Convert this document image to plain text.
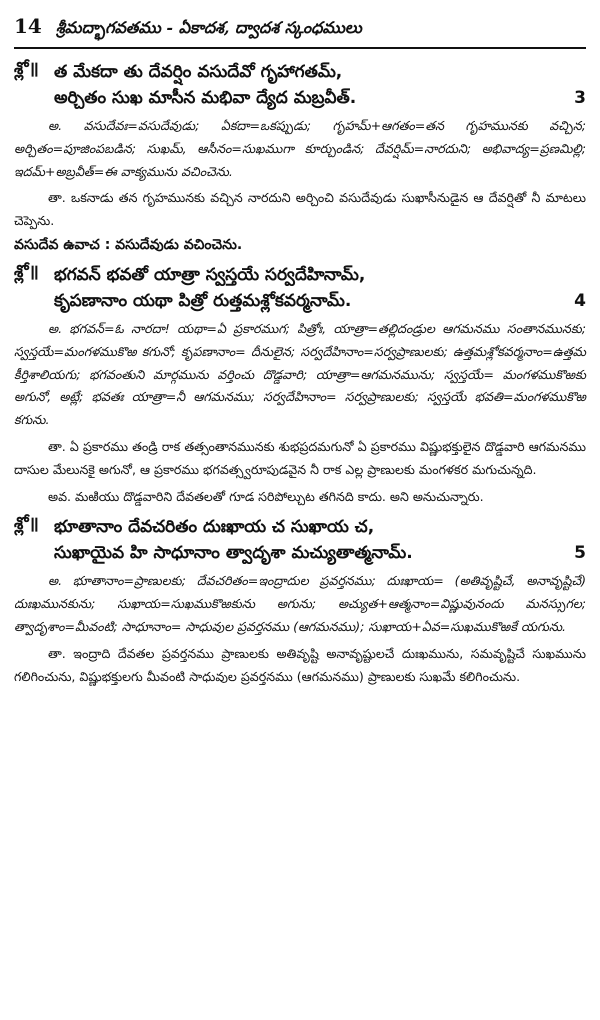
14 శ్రీమద్భాగవతము - ఏకాదశ, ద్వాదశ స్కంధములు
శ్లో॥ త మేకదా తు దేవర్షిం వసుదేవో గృహాగతమ్,
అర్చితం సుఖ మాసీన మభివా ద్యేద మబ్రవీత్.	3

అ. వసుదేవః=వసుదేవుడు; ఏకదా=ఒకప్పుడు; గృహమ్+ఆగతం=తన గృహమునకు వచ్చిన; అర్చితం=పూజింపబడిన; సుఖమ్, ఆసీనం=సుఖముగా కూర్చుండిన; దేవర్షిమ్=నారదుని; అభివాద్య=ప్రణమిల్లి; ఇదమ్+అబ్రవీత్=ఈ వాక్యమును వచించెను.

తా. ఒకనాడు తన గృహమునకు వచ్చిన నారదుని అర్చించి వసుదేవుడు సుఖాసీనుడైన ఆ దేవర్షితో నీ మాటలు చెప్పెను.

వసుదేవ ఉవాచ : వసుదేవుడు వచించెను.
శ్లో॥ భగవన్ భవతో యాత్రా స్వస్తయే సర్వదేహినామ్,
కృపణానాం యథా పిత్రో రుత్తమశ్లోకవర్మనామ్.	4

అ. భగవన్=ఓ నారదా! యథా=ఏ ప్రకారముగ; పిత్రోః, యాత్రా=తల్లిదండ్రుల ఆగమనము సంతానమునకు; స్వస్తయే=మంగళముకొఱ కగునో; కృపణానాం= దీనులైన; సర్వదేహినాం=సర్వప్రాణులకు; ఉత్తమశ్లోకవర్మనాం=ఉత్తమ కీర్తిశాలియగు; భగవంతుని మార్గమును వర్తించు దొడ్డవారి; యాత్రా=ఆగమనమును; స్వస్తయే= మంగళముకొఱకు అగునో, అట్లే; భవతః యాత్రా=నీ ఆగమనము; సర్వదేహినాం= సర్వప్రాణులకు; స్వస్తయే భవతి=మంగళముకొఱ కగును.

తా. ఏ ప్రకారము తండ్రి రాక తత్సంతానమునకు శుభప్రదమగునో ఏ ప్రకారము విష్ణుభక్తులైన దొడ్డవారి ఆగమనము దాసుల మేలునకై అగునో, ఆ ప్రకారము భగవత్స్వరూపుడవైన నీ రాక ఎల్ల ప్రాణులకు మంగళకర మగుచున్నది.

అవ. మఱియు దొడ్డవారిని దేవతలతో గూడ సరిపోల్చుట తగినది కాదు. అని అనుచున్నారు.

శ్లో॥ భూతానాం దేవచరితం దుఃఖాయ చ సుఖాయ చ,
సుఖాయైవ హి సాధూనాం త్వాదృశా మచ్యుతాత్మనామ్.	5

అ. భూతానాం=ప్రాణులకు; దేవచరితం=ఇంద్రాదుల ప్రవర్తనము; దుఃఖాయ= (అతివృష్టిచే, అనావృష్టిచే) దుఃఖమునకును; సుఖాయ=సుఖముకొఱకును అగును; అచ్యుత+ఆత్మనాం=విష్ణువునందు మనస్సుగల; త్వాదృశాం=మీవంటి; సాధూనాం= సాధువుల ప్రవర్తనము (ఆగమనము); సుఖాయ+ఏవ=సుఖముకొఱకే యగును.

తా. ఇంద్రాది దేవతల ప్రవర్తనము ప్రాణులకు అతివృష్టి అనావృష్టులచే దుఃఖమును, సమవృష్టిచే సుఖమును గలిగించును, విష్ణుభక్తులగు మీవంటి సాధువుల ప్రవర్తనము (ఆగమనము) ప్రాణులకు సుఖమే కలిగించును.
